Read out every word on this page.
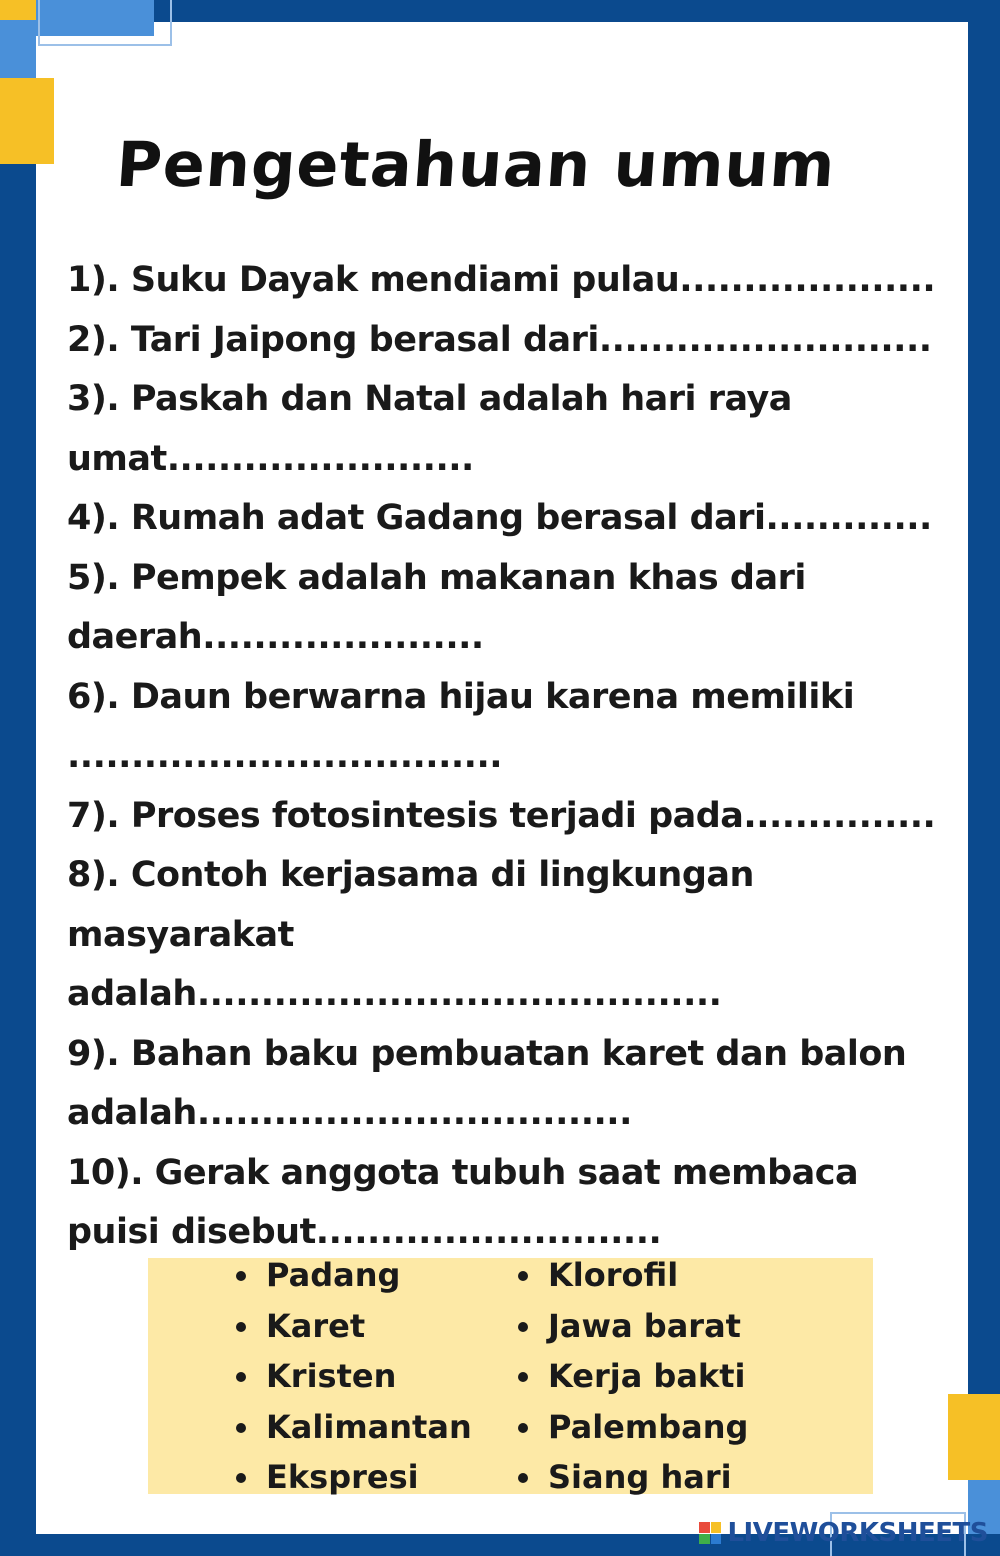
Pengetahuan umum

1). Suku Dayak mendiami pulau....................

2). Tari Jaipong berasal dari..........................

3). Paskah dan Natal adalah hari raya umat........................

4). Rumah adat Gadang berasal dari.............

5). Pempek adalah makanan khas dari daerah......................

6). Daun berwarna hijau karena memiliki ..................................

7). Proses fotosintesis terjadi pada...............

8). Contoh kerjasama di lingkungan masyarakat adalah.........................................

9). Bahan baku pembuatan karet dan balon adalah..................................

10). Gerak anggota tubuh saat membaca puisi disebut...........................

Padang
Karet
Kristen
Kalimantan
Ekspresi
Klorofil
Jawa barat
Kerja bakti
Palembang
Siang hari
LIVEWORKSHEETS
